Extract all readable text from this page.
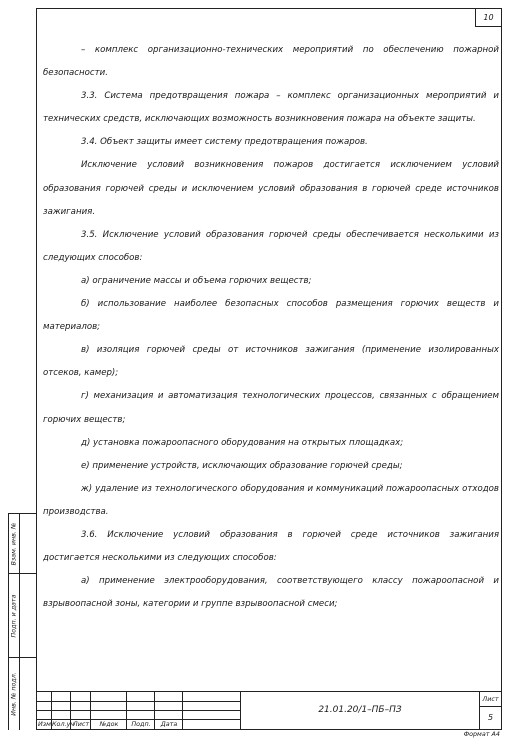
10

– комплекс организационно-технических мероприятий по обеспечению пожарной безопасности.

3.3. Система предотвращения пожара – комплекс организационных мероприятий и технических средств, исключающих возможность возникновения пожара на объекте защиты.

3.4. Объект защиты имеет систему предотвращения пожаров.

Исключение условий возникновения пожаров достигается исключением условий образования горючей среды и исключением условий образования в горючей среде источников зажигания.

3.5. Исключение условий образования горючей среды обеспечивается несколькими из следующих способов:

а) ограничение массы и объема горючих веществ;

б) использование наиболее безопасных способов размещения горючих веществ и материалов;

в) изоляция горючей среды от источников зажигания (применение изолированных отсеков, камер);

г) механизация и автоматизация технологических процессов, связанных с обращением горючих веществ;

д) установка пожароопасного оборудования на открытых площадках;

е) применение устройств, исключающих образование горючей среды;

ж) удаление из технологического оборудования и коммуникаций пожароопасных отходов производства.

3.6. Исключение условий образования в горючей среде источников зажигания достигается несколькими из следующих способов:

а) применение электрооборудования, соответствующего классу пожароопасной и взрывоопасной зоны, категории и группе взрывоопасной смеси;

Изм Кол.уч
Лист	№док	Подп.	Дата
21.01.20/1–ПБ–ПЗ
Лист
5
Взам. инв. №
Подп. и дата
Инв. № подл.
Формат А4
